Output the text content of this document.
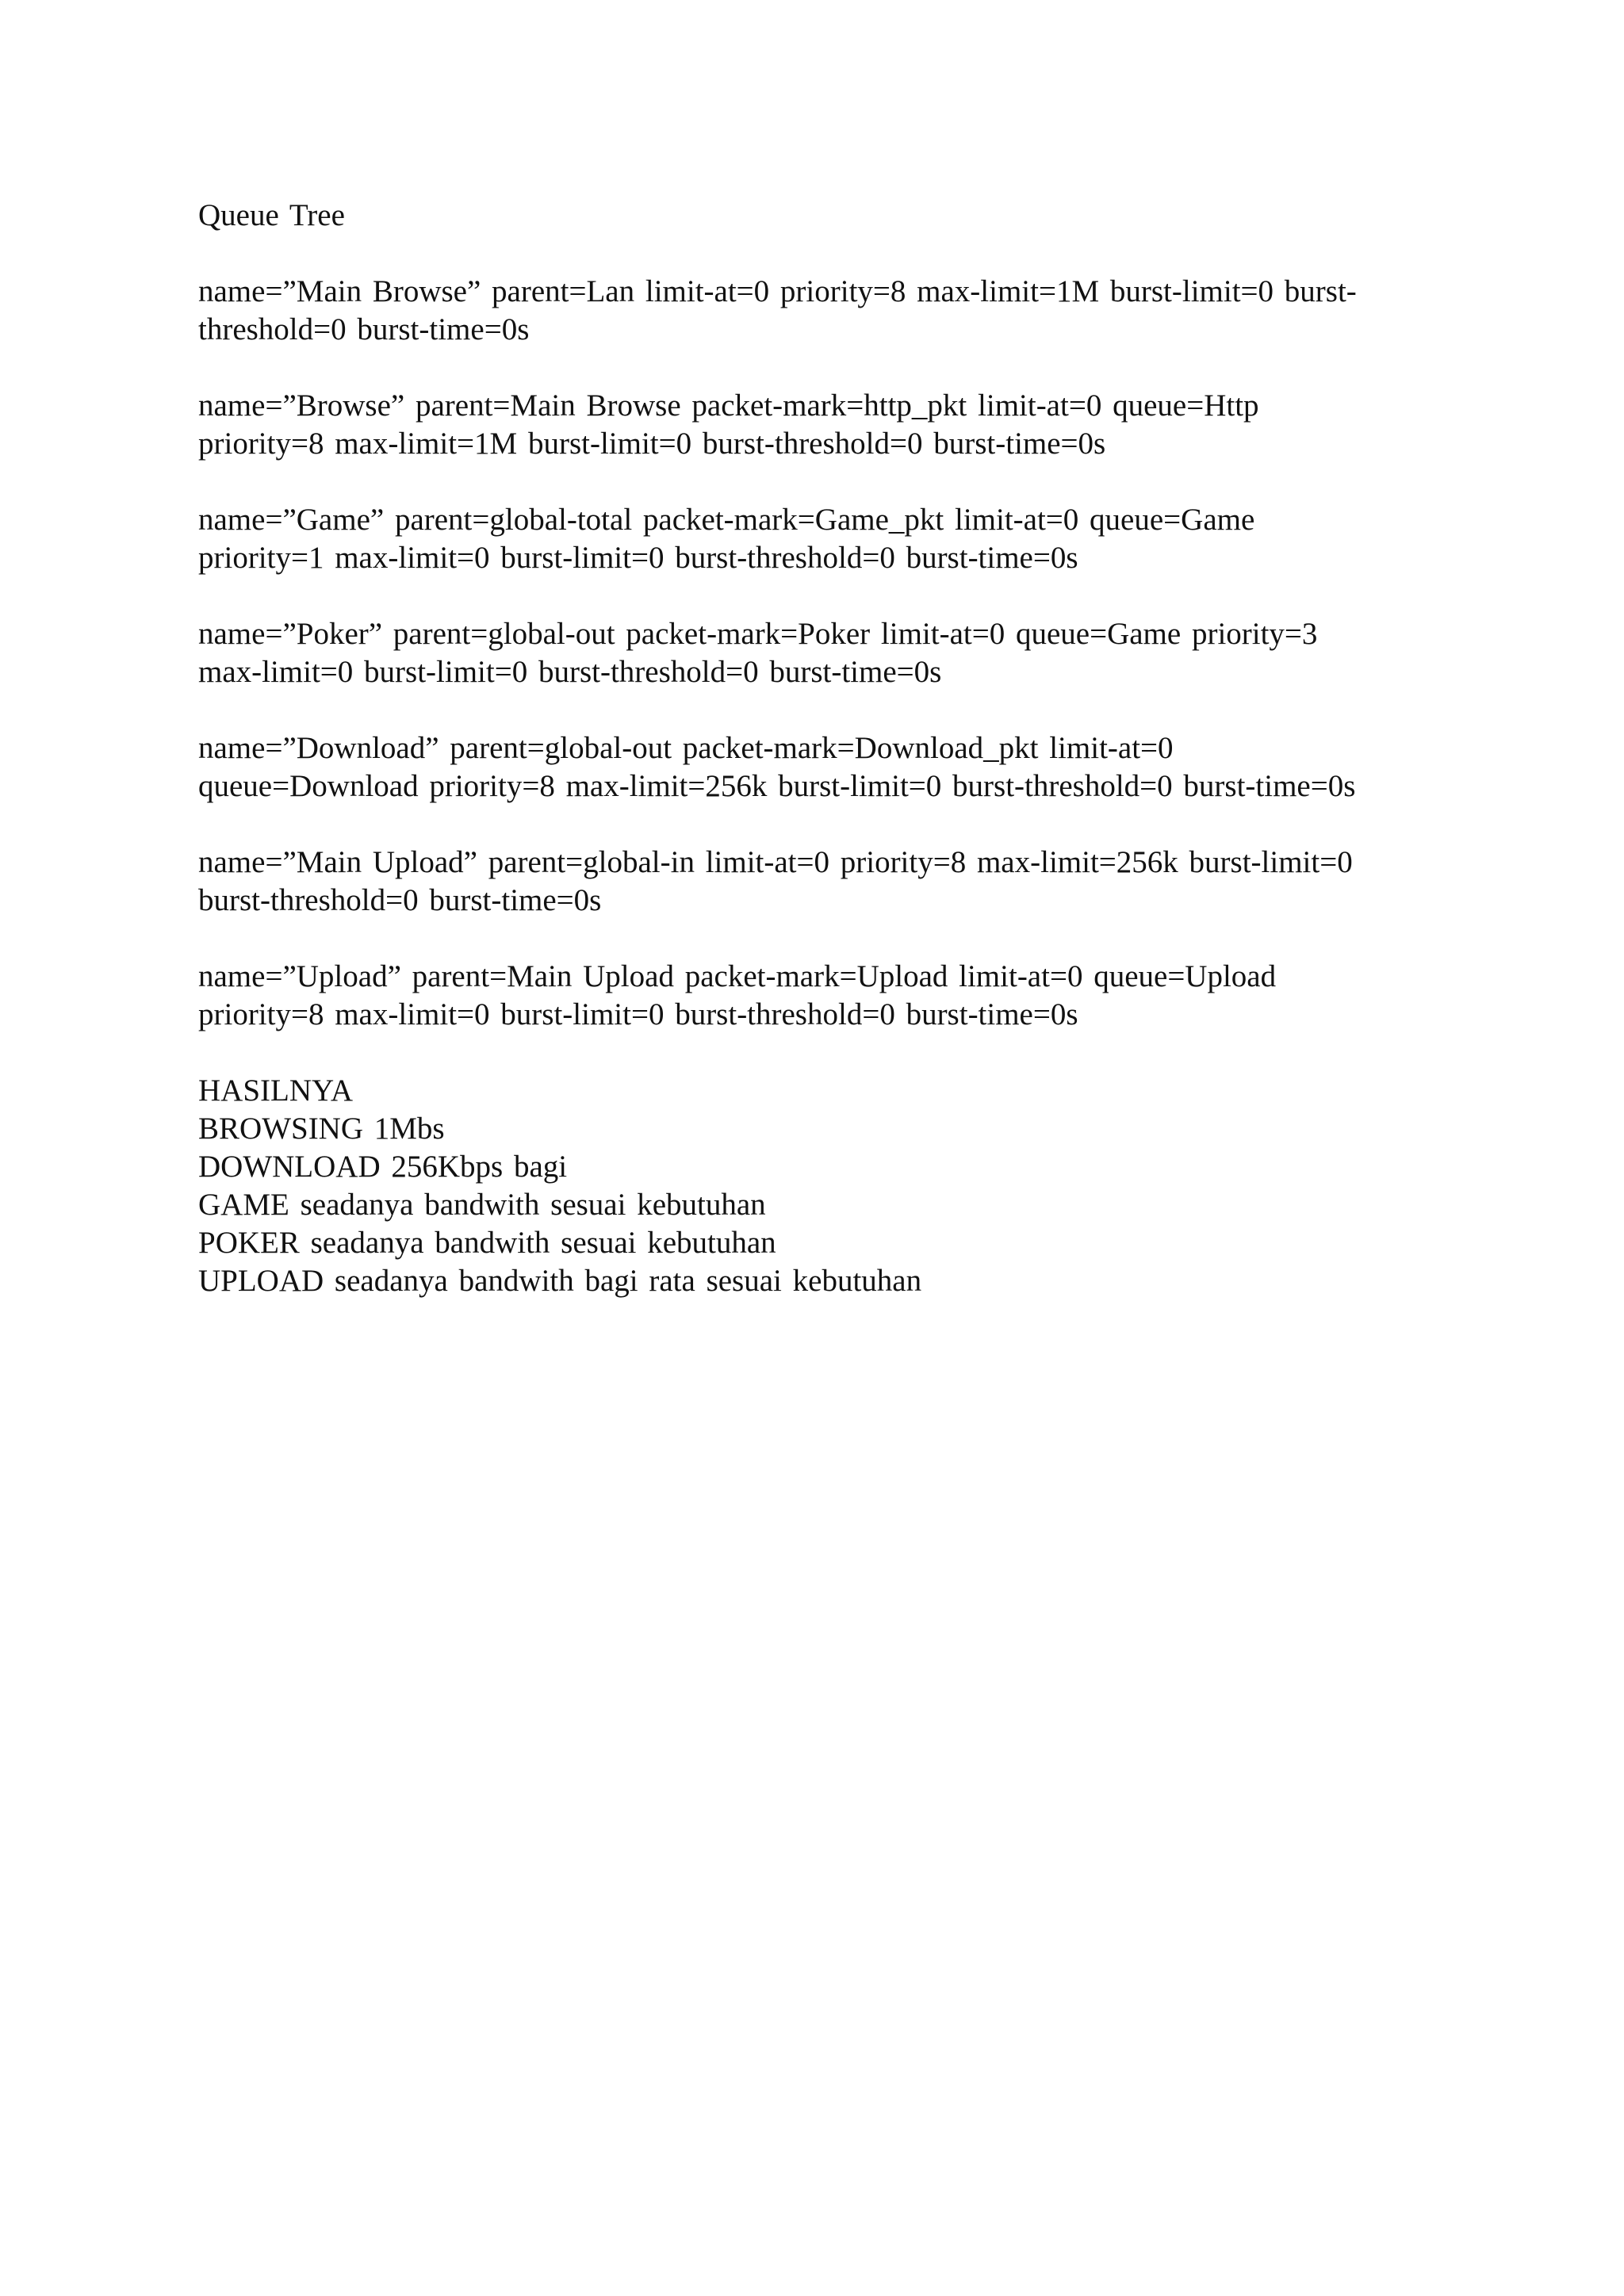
Queue Tree
name=”Main Browse” parent=Lan limit-at=0 priority=8 max-limit=1M burst-limit=0 burst-
threshold=0 burst-time=0s
name=”Browse” parent=Main Browse packet-mark=http_pkt limit-at=0 queue=Http
priority=8 max-limit=1M burst-limit=0 burst-threshold=0 burst-time=0s
name=”Game” parent=global-total packet-mark=Game_pkt limit-at=0 queue=Game
priority=1 max-limit=0 burst-limit=0 burst-threshold=0 burst-time=0s
name=”Poker” parent=global-out packet-mark=Poker limit-at=0 queue=Game priority=3
max-limit=0 burst-limit=0 burst-threshold=0 burst-time=0s
name=”Download” parent=global-out packet-mark=Download_pkt limit-at=0
queue=Download priority=8 max-limit=256k burst-limit=0 burst-threshold=0 burst-time=0s
name=”Main Upload” parent=global-in limit-at=0 priority=8 max-limit=256k burst-limit=0
burst-threshold=0 burst-time=0s
name=”Upload” parent=Main Upload packet-mark=Upload limit-at=0 queue=Upload
priority=8 max-limit=0 burst-limit=0 burst-threshold=0 burst-time=0s
HASILNYA
BROWSING 1Mbs
DOWNLOAD 256Kbps bagi
GAME seadanya bandwith sesuai kebutuhan
POKER seadanya bandwith sesuai kebutuhan
UPLOAD seadanya bandwith bagi rata sesuai kebutuhan
